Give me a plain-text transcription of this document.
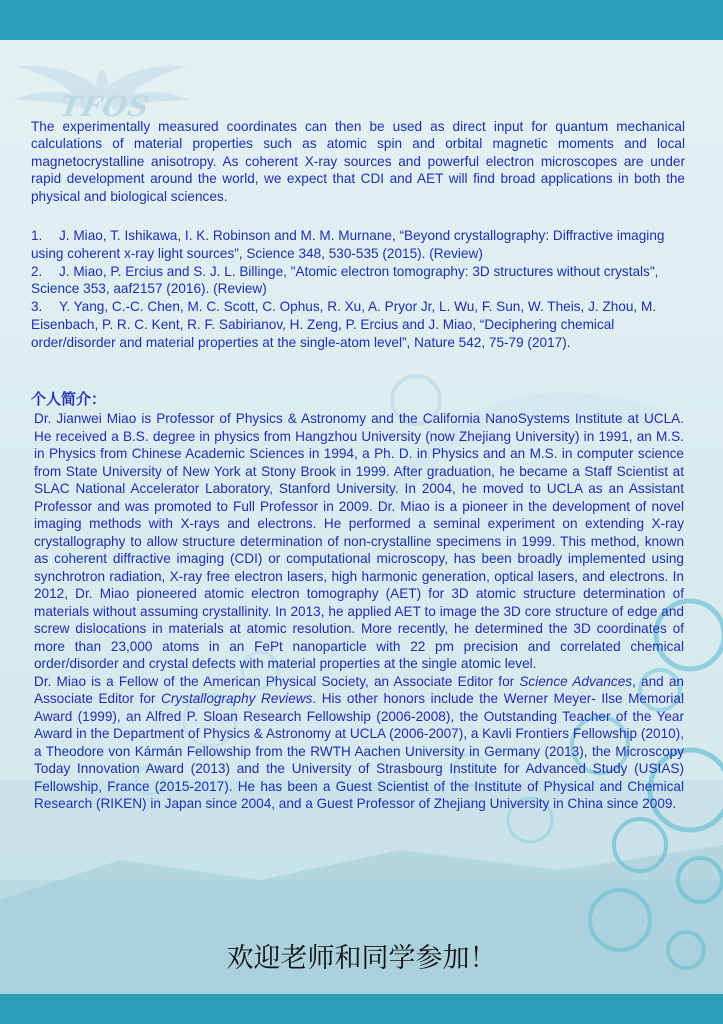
TFOS
The experimentally measured coordinates can then be used as direct input for quantum mechanical calculations of material properties such as atomic spin and orbital magnetic moments and local magnetocrystalline anisotropy. As coherent X-ray sources and powerful electron microscopes are under rapid development around the world, we expect that CDI and AET will find broad applications in both the physical and biological sciences.

1. J. Miao, T. Ishikawa, I. K. Robinson and M. M. Murnane, “Beyond crystallography: Diffractive imaging using coherent x-ray light sources”, Science 348, 530-535 (2015). (Review)

2. J. Miao, P. Ercius and S. J. L. Billinge, "Atomic electron tomography: 3D structures without crystals", Science 353, aaf2157 (2016). (Review)

3. Y. Yang, C.-C. Chen, M. C. Scott, C. Ophus, R. Xu, A. Pryor Jr, L. Wu, F. Sun, W. Theis, J. Zhou, M. Eisenbach, P. R. C. Kent, R. F. Sabirianov, H. Zeng, P. Ercius and J. Miao, “Deciphering chemical order/disorder and material properties at the single-atom level”, Nature 542, 75-79 (2017).

个人简介：

Dr. Jianwei Miao is Professor of Physics & Astronomy and the California NanoSystems Institute at UCLA. He received a B.S. degree in physics from Hangzhou University (now Zhejiang University) in 1991, an M.S. in Physics from Chinese Academic Sciences in 1994, a Ph. D. in Physics and an M.S. in computer science from State University of New York at Stony Brook in 1999. After graduation, he became a Staff Scientist at SLAC National Accelerator Laboratory, Stanford University. In 2004, he moved to UCLA as an Assistant Professor and was promoted to Full Professor in 2009. Dr. Miao is a pioneer in the development of novel imaging methods with X-rays and electrons. He performed a seminal experiment on extending X-ray crystallography to allow structure determination of non-crystalline specimens in 1999. This method, known as coherent diffractive imaging (CDI) or computational microscopy, has been broadly implemented using synchrotron radiation, X-ray free electron lasers, high harmonic generation, optical lasers, and electrons. In 2012, Dr. Miao pioneered atomic electron tomography (AET) for 3D atomic structure determination of materials without assuming crystallinity. In 2013, he applied AET to image the 3D core structure of edge and screw dislocations in materials at atomic resolution. More recently, he determined the 3D coordinates of more than 23,000 atoms in an FePt nanoparticle with 22 pm precision and correlated chemical order/disorder and crystal defects with material properties at the single atomic level.

Dr. Miao is a Fellow of the American Physical Society, an Associate Editor for Science Advances, and an Associate Editor for Crystallography Reviews. His other honors include the Werner Meyer- Ilse Memorial Award (1999), an Alfred P. Sloan Research Fellowship (2006-2008), the Outstanding Teacher of the Year Award in the Department of Physics & Astronomy at UCLA (2006-2007), a Kavli Frontiers Fellowship (2010), a Theodore von Kármán Fellowship from the RWTH Aachen University in Germany (2013), the Microscopy Today Innovation Award (2013) and the University of Strasbourg Institute for Advanced Study (USIAS) Fellowship, France (2015-2017). He has been a Guest Scientist of the Institute of Physical and Chemical Research (RIKEN) in Japan since 2004, and a Guest Professor of Zhejiang University in China since 2009.

欢迎老师和同学参加！
